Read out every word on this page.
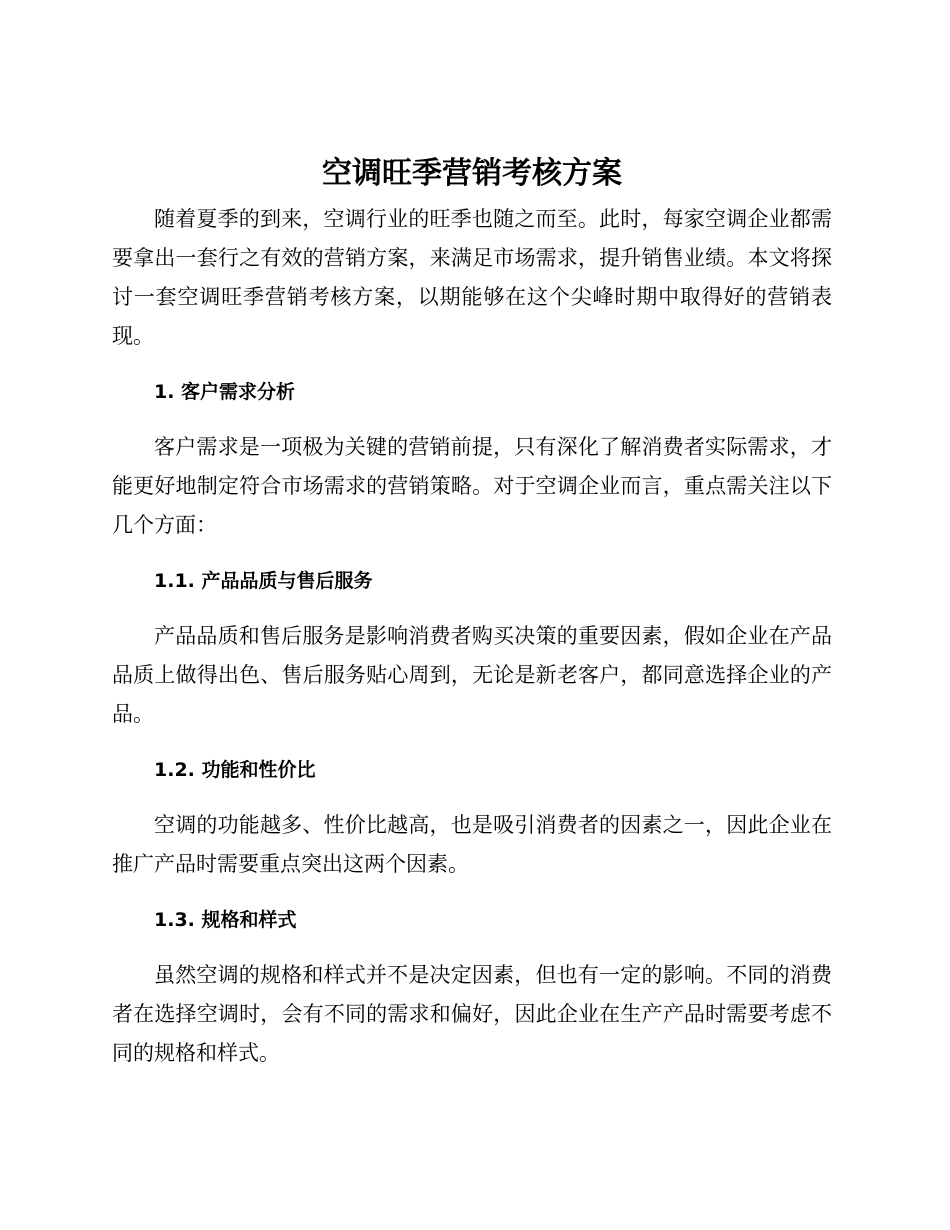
空调旺季营销考核方案

随着夏季的到来，空调行业的旺季也随之而至。此时，每家空调企业都需要拿出一套行之有效的营销方案，来满足市场需求，提升销售业绩。本文将探讨一套空调旺季营销考核方案，以期能够在这个尖峰时期中取得好的营销表现。

1. 客户需求分析

客户需求是一项极为关键的营销前提，只有深化了解消费者实际需求，才能更好地制定符合市场需求的营销策略。对于空调企业而言，重点需关注以下几个方面：

1.1. 产品品质与售后服务

产品品质和售后服务是影响消费者购买决策的重要因素，假如企业在产品品质上做得出色、售后服务贴心周到，无论是新老客户，都同意选择企业的产品。

1.2. 功能和性价比

空调的功能越多、性价比越高，也是吸引消费者的因素之一，因此企业在推广产品时需要重点突出这两个因素。

1.3. 规格和样式

虽然空调的规格和样式并不是决定因素，但也有一定的影响。不同的消费者在选择空调时，会有不同的需求和偏好，因此企业在生产产品时需要考虑不同的规格和样式。
